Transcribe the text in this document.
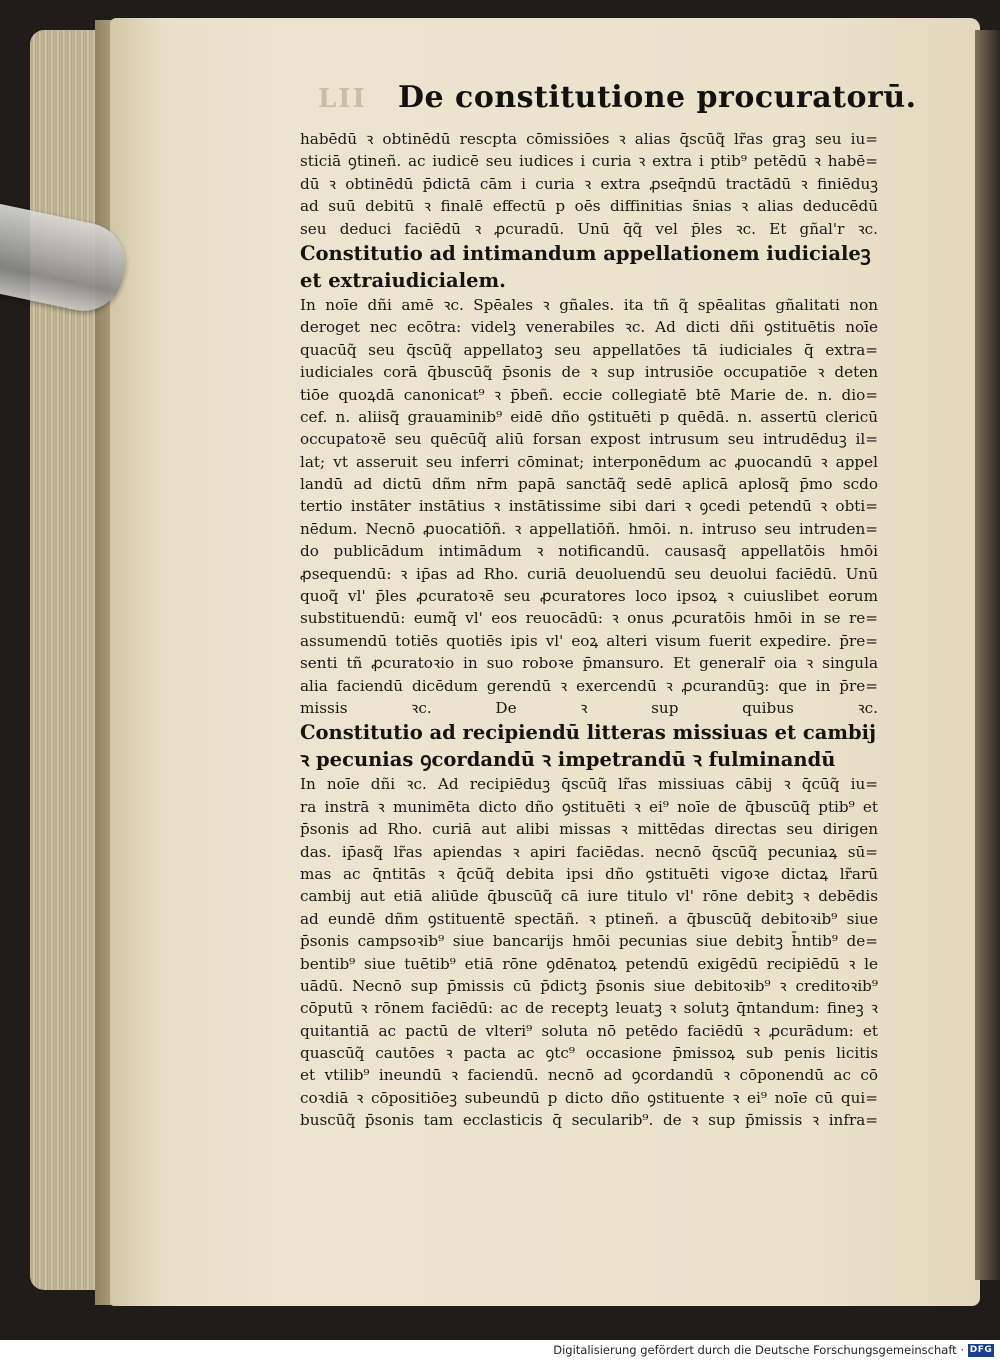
LII De constitutione procuratorū.
habēdū ꝛ obtinēdū rescpta cōmissiōes ꝛ alias q̄scūq̃ lr̃as graꝫ seu iu=
sticiā ꝯtineñ. ac iudicē seu iudices i curia ꝛ extra i ptib⁹ petēdū ꝛ habē=
dū ꝛ obtinēdū p̄dictā cām i curia ꝛ extra ꝓseq̄ndū tractādū ꝛ finiēduꝫ
ad suū debitū ꝛ finalē effectū p oēs diffinitias s̄nias ꝛ alias deducēdū
seu deduci faciēdū ꝛ ꝓcuradū. Unū q̄q̃ vel p̄les ꝛc. Et gñal'r ꝛc.
Constitutio ad intimandum appellationem iudicialeꝫ
et extraiudicialem.
In noīe dñi amē ꝛc. Spēales ꝛ gñales. ita tñ q̃ spēalitas gñalitati non
deroget nec ecōtra: videlꝫ venerabiles ꝛc. Ad dicti dñi ꝯstituētis noīe
quacūq̃ seu q̄scūq̃ appellatoꝫ seu appellatōes tā iudiciales q̄ extra=
iudiciales corā q̄buscūq̃ p̄sonis de ꝛ sup intrusiōe occupatiōe ꝛ deten
tiōe quoꝝdā canonicat⁹ ꝛ p̄beñ. eccie collegiatē btē Marie de. n. dio=
cef. n. aliisq̃ grauaminib⁹ eidē dño ꝯstituēti p quēdā. n. assertū clericū
occupatoꝛē seu quēcūq̃ aliū forsan expost intrusum seu intrudēduꝫ il=
lat; vt asseruit seu inferri cōminat; interponēdum ac ꝓuocandū ꝛ appel
landū ad dictū dñm nr̄m papā sanctāq̃ sedē aplicā aplosq̃ p̄mo scdo
tertio instāter instātius ꝛ instātissime sibi dari ꝛ ꝯcedi petendū ꝛ obti=
nēdum. Necnō ꝓuocatiōñ. ꝛ appellatiōñ. hmōi. n. intruso seu intruden=
do publicādum intimādum ꝛ notificandū. causasq̃ appellatōis hmōi
ꝓsequendū: ꝛ ip̄as ad Rho. curiā deuoluendū seu deuolui faciēdū. Unū
quoq̃ vl' p̄les ꝓcuratoꝛē seu ꝓcuratores loco ipsoꝝ ꝛ cuiuslibet eorum
substituendū: eumq̃ vl' eos reuocādū: ꝛ onus ꝓcuratōis hmōi in se re=
assumendū totiēs quotiēs ipis vl' eoꝝ alteri visum fuerit expedire. p̄re=
senti tñ ꝓcuratoꝛio in suo roboꝛe p̄mansuro. Et generalr̄ oia ꝛ singula
alia faciendū dicēdum gerendū ꝛ exercendū ꝛ ꝓcurandūꝫ: que in p̄re=
missis ꝛc. De ꝛ sup quibus ꝛc.
Constitutio ad recipiendū litteras missiuas et cambij
ꝛ pecunias ꝯcordandū ꝛ impetrandū ꝛ fulminandū
In noīe dñi ꝛc. Ad recipiēduꝫ q̄scūq̃ lr̃as missiuas cābij ꝛ q̄cūq̃ iu=
ra instrā ꝛ munimēta dicto dño ꝯstituēti ꝛ ei⁹ noīe de q̄buscūq̃ ptib⁹ et
p̄sonis ad Rho. curiā aut alibi missas ꝛ mittēdas directas seu dirigen
das. ip̄asq̃ lr̃as apiendas ꝛ apiri faciēdas. necnō q̄scūq̃ pecuniaꝝ sū=
mas ac q̄ntitās ꝛ q̄cūq̃ debita ipsi dño ꝯstituēti vigoꝛe dictaꝝ lr̃arū
cambij aut etiā aliūde q̄buscūq̃ cā iure titulo vl' rōne debitꝫ ꝛ debēdis
ad eundē dñm ꝯstituentē spectāñ. ꝛ ptineñ. a q̄buscūq̃ debitoꝛib⁹ siue
p̄sonis campsoꝛib⁹ siue bancarijs hmōi pecunias siue debitꝫ h̄ntib⁹ de=
bentib⁹ siue tuētib⁹ etiā rōne ꝯdēnatoꝝ petendū exigēdū recipiēdū ꝛ le
uādū. Necnō sup p̄missis cū p̄dictꝫ p̄sonis siue debitoꝛib⁹ ꝛ creditoꝛib⁹
cōputū ꝛ rōnem faciēdū: ac de receptꝫ leuatꝫ ꝛ solutꝫ q̄ntandum: fineꝫ ꝛ
quitantiā ac pactū de vlteri⁹ soluta nō petēdo faciēdū ꝛ ꝓcurādum: et
quascūq̃ cautōes ꝛ pacta ac ꝯtc⁹ occasione p̄missoꝝ sub penis licitis
et vtilib⁹ ineundū ꝛ faciendū. necnō ad ꝯcordandū ꝛ cōponendū ac cō
coꝛdiā ꝛ cōpositiōeꝫ subeundū p dicto dño ꝯstituente ꝛ ei⁹ noīe cū qui=
buscūq̃ p̄sonis tam ecclasticis q̄ secularib⁹. de ꝛ sup p̄missis ꝛ infra=
Digitalisierung gefördert durch die Deutsche Forschungsgemeinschaft · DFG
